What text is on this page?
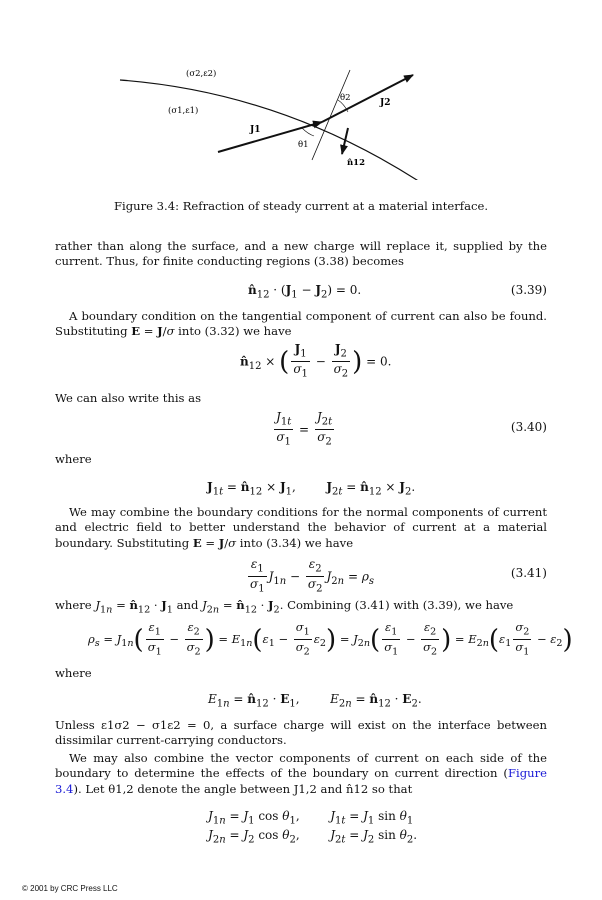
(σ2,ε2)
(σ1,ε1)
θ2
θ1
J2
J1
n̂12
Figure 3.4: Refraction of steady current at a material interface.
rather than along the surface, and a new charge will replace it, supplied by the current. Thus, for finite conducting regions (3.38) becomes
$n̂_{12} \cdot (J_1 - J_2) = 0$.	(3.39)
A boundary condition on the tangential component of current can also be found. Substituting E = J/σ into (3.32) we have
$n̂_{12}$ × ( $\frac{J_1}{\sigma_1} - \frac{J_2}{\sigma_2}$ ) = 0.
We can also write this as
$\frac{J_{1t}}{\sigma_1} = \frac{J_{2t}}{\sigma_2}$	(3.40)
where
$J_{1t}$ = $n̂_{12} \times J_1$,        $J_{2t}$ = $n̂_{12} \times J_2$.
We may combine the boundary conditions for the normal components of current and electric field to better understand the behavior of current at a material boundary. Substituting E = J/σ into (3.34) we have
$\frac{\varepsilon_1}{\sigma_1} J_{1n} - \frac{\varepsilon_2}{\sigma_2} J_{2n} = \rho_s$
(3.41)
where $J_{1n}$ = $n̂_{12} \cdot J_1$ and $J_{2n}$ = $n̂_{12} \cdot J_2$. Combining (3.41) with (3.39), we have
$\rho_s = J_{1n}( \frac{\varepsilon_1}{\sigma_1} - \frac{\varepsilon_2}{\sigma_2}$ ) = $E_{1n}(\varepsilon_1 - \frac{\sigma_1}{\sigma_2} \varepsilon_2) = J_{2n}( \frac{\varepsilon_1}{\sigma_1} - \frac{\varepsilon_2}{\sigma_2}$ ) = $E_{2n}(\varepsilon_1 \frac{\sigma_2}{\sigma_1} - \varepsilon_2)$
where
$E_{1n}$ = $n̂_{12} \cdot E_1$,        $E_{2n}$ = $n̂_{12} \cdot E_2$.
Unless ε1σ2 − σ1ε2 = 0, a surface charge will exist on the interface between dissimilar current-carrying conductors.
We may also combine the vector components of current on each side of the boundary to determine the effects of the boundary on current direction (Figure 3.4). Let θ1,2 denote the angle between J1,2 and n̂12 so that
$J_{1n} = J_1$ $\cos \theta_1$,        $J_{1t} = J_1$ $\sin \theta_1$
$J_{2n} = J_2$ $\cos \theta_2$,        $J_{2t} = J_2$ $\sin \theta_2$.
© 2001 by CRC Press LLC
